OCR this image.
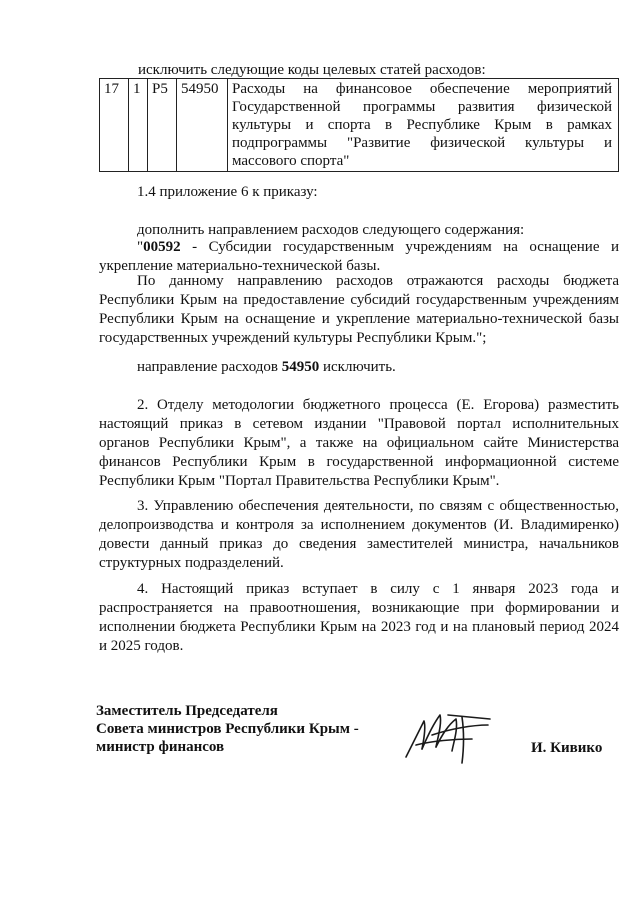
исключить следующие коды целевых статей расходов:
17	1	Р5	54950	Расходы на финансовое обеспечение мероприятий Государственной программы развития физической культуры и спорта в Республике Крым в рамках подпрограммы "Развитие физической культуры и массового спорта"
1.4 приложение 6 к приказу:
дополнить направлением расходов следующего содержания:

"00592 - Субсидии государственным учреждениям на оснащение и укрепление материально-технической базы.

По данному направлению расходов отражаются расходы бюджета Республики Крым на предоставление субсидий государственным учреждениям Республики Крым на оснащение и укрепление материально-технической базы государственных учреждений культуры Республики Крым.";

направление расходов 54950 исключить.

2. Отделу методологии бюджетного процесса (Е. Егорова) разместить настоящий приказ в сетевом издании "Правовой портал исполнительных органов Республики Крым", а также на официальном сайте Министерства финансов Республики Крым в государственной информационной системе Республики Крым "Портал Правительства Республики Крым".

3. Управлению обеспечения деятельности, по связям с общественностью, делопроизводства и контроля за исполнением документов (И. Владимиренко) довести данный приказ до сведения заместителей министра, начальников структурных подразделений.

4. Настоящий приказ вступает в силу с 1 января 2023 года и распространяется на правоотношения, возникающие при формировании и исполнении бюджета Республики Крым на 2023 год и на плановый период 2024 и 2025 годов.

Заместитель Председателя
Совета министров Республики Крым -
министр финансов	И. Кивико
